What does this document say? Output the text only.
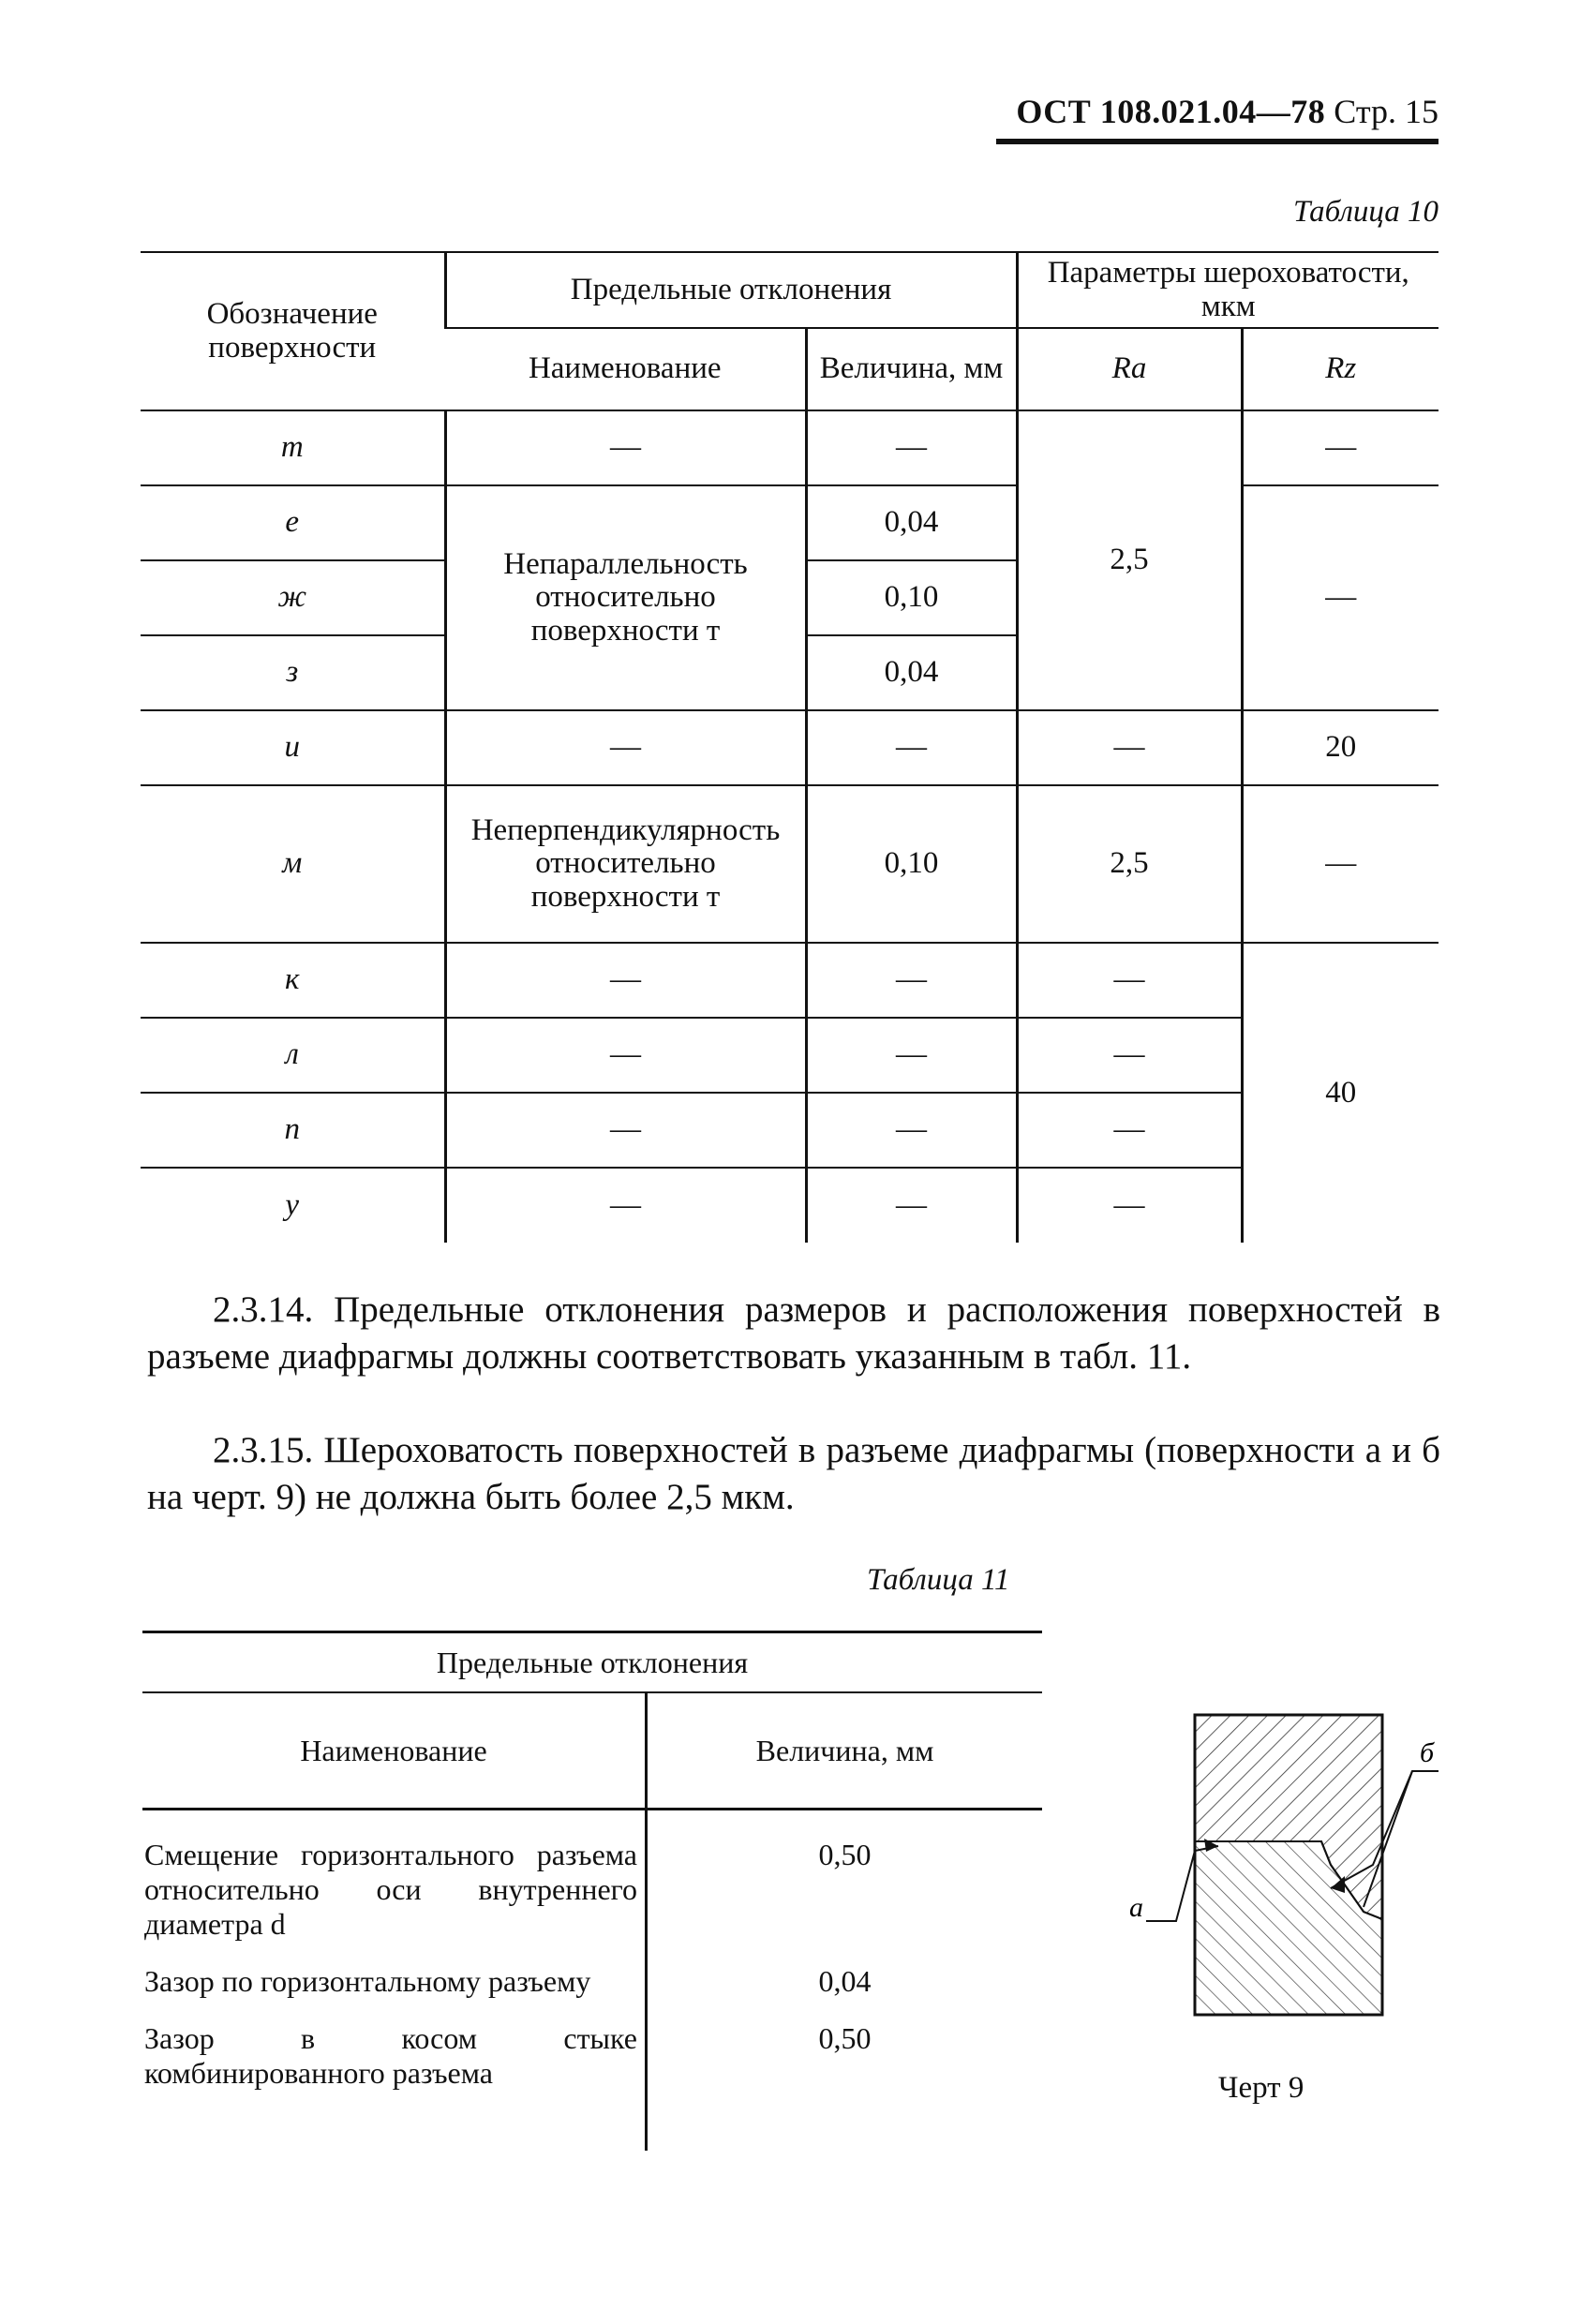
ОСТ 108.021.04—78 Стр. 15
Таблица 10
Обозначение поверхности	Предельные отклонения		Параметры шероховатости, мкм	
	Наименование	Величина, мм	Ra	Rz
т	—	—	2,5	—
е	Непараллельность относительно поверхности т	0,04		—
ж		0,10		
з		0,04		
и	—	—	—	20
м	Неперпендикулярность относительно поверхности т	0,10	2,5	—
к	—	—	—	40
л	—	—	—	
п	—	—	—	
у	—	—	—	

2.3.14. Предельные отклонения размеров и расположения поверхностей в разъеме диафрагмы должны соответствовать указанным в табл. 11.

2.3.15. Шероховатость поверхностей в разъеме диафрагмы (поверхности а и б на черт. 9) не должна быть более 2,5 мкм.

Таблица 11
Предельные отклонения	
Наименование	Величина, мм

Смещение горизонтального разъема относительно оси внутреннего диаметра d	0,50
Зазор по горизонтальному разъему	0,04
Зазор в косом стыке комбинированного разъема	0,50

а
б
Черт 9
